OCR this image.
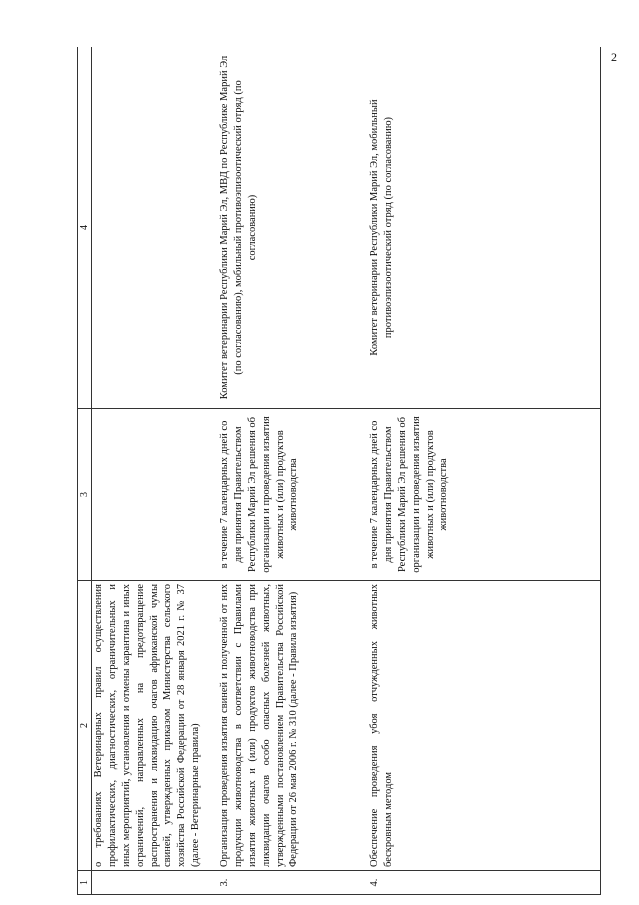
2
1	2	3	4
	о требованиях Ветеринарных правил осуществления профилактических, диагностических, ограничительных и иных мероприятий, установления и отмены карантина и иных ограничений, направленных на предотвращение распространения и ликвидацию очагов африканской чумы свиней, утвержденных приказом Министерства сельского хозяйства Российской Федерации от 28 января 2021 г. № 37 (далее - Ветеринарные правила)		
3.	Организация проведения изъятия свиней и полученной от них продукции животноводства в соответствии с Правилами изъятия животных и (или) продуктов животноводства при ликвидации очагов особо опасных болезней животных, утвержденными постановлением Правительства Российской Федерации от 26 мая 2006 г. № 310 (далее - Правила изъятия)	в течение 7 календарных дней со дня принятия Правительством Республики Марий Эл решения об организации и проведения изъятия животных и (или) продуктов животноводства	Комитет ветеринарии Республики Марий Эл, МВД по Республике Марий Эл (по согласованию), мобильный противоэпизоотический отряд (по согласованию)
4.	Обеспечение проведения убоя отчужденных животных бескровным методом	в течение 7 календарных дней со дня принятия Правительством Республики Марий Эл решения об организации и проведения изъятия животных и (или) продуктов животноводства	Комитет ветеринарии Республики Марий Эл, мобильный противоэпизоотический отряд (по согласованию)
